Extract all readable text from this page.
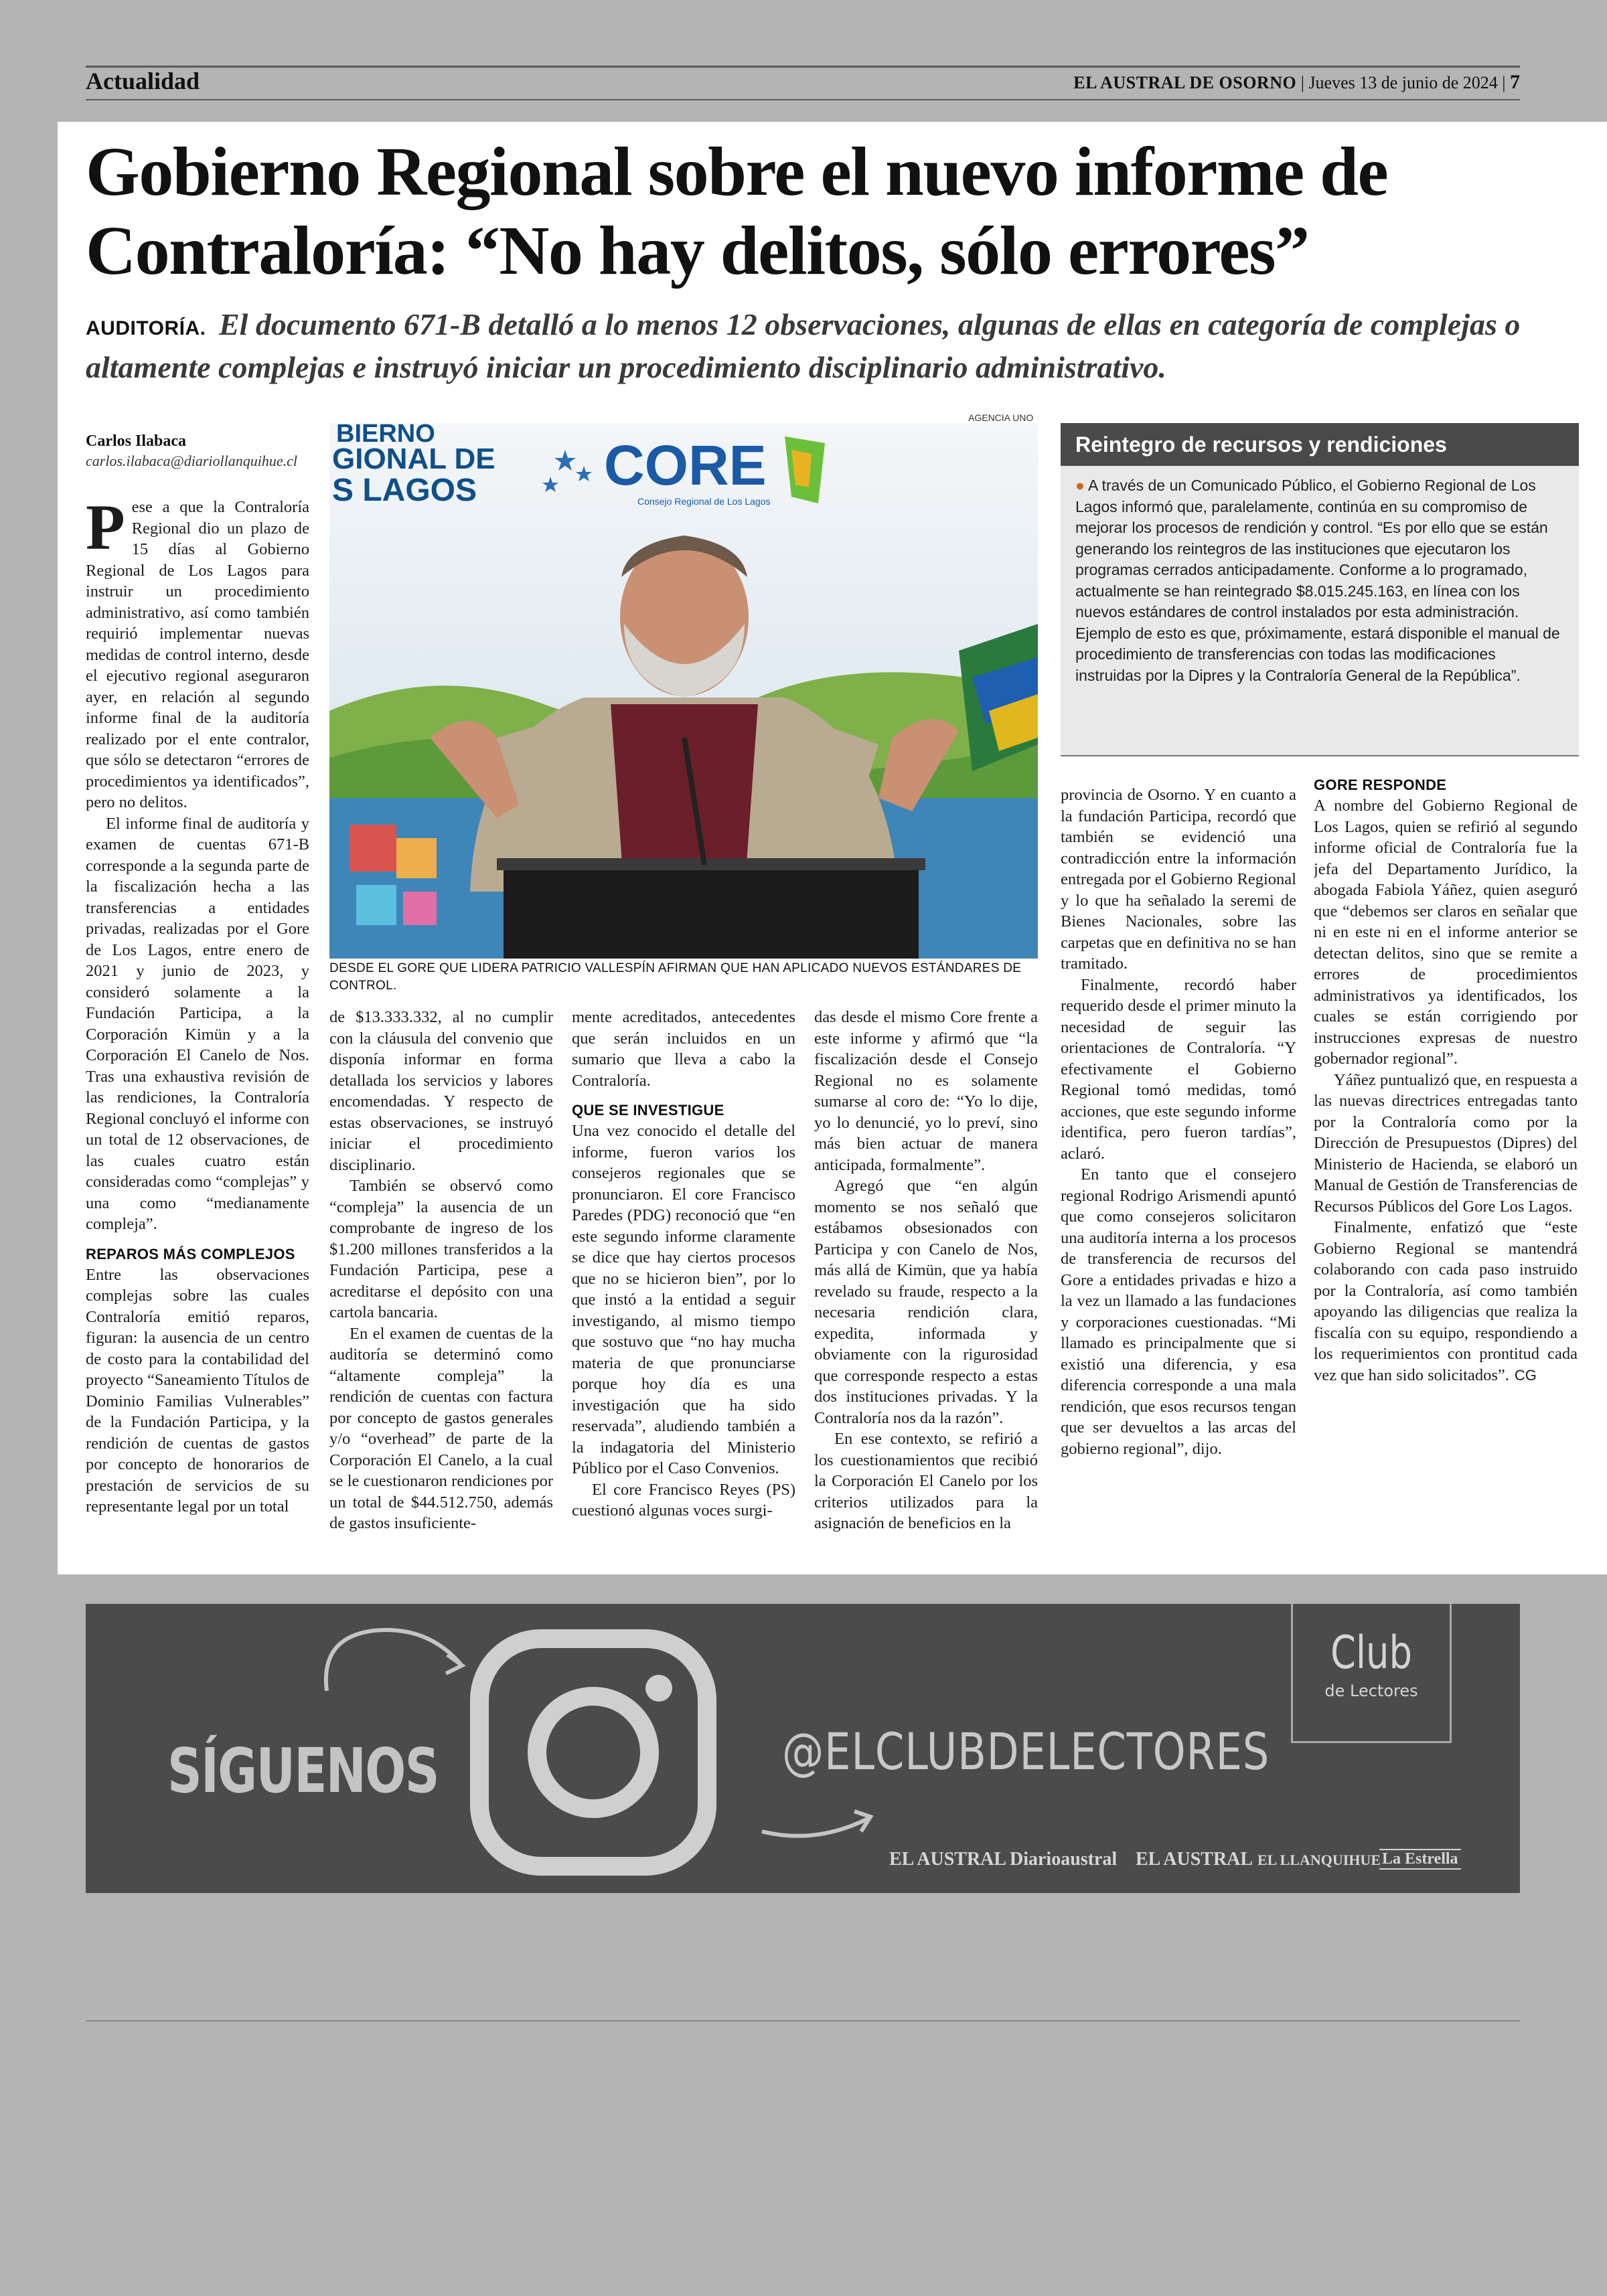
Actualidad	EL AUSTRAL DE OSORNO | Jueves 13 de junio de 2024 | 7
Gobierno Regional sobre el nuevo informe de Contraloría: “No hay delitos, sólo errores”
AUDITORÍA. El documento 671-B detalló a lo menos 12 observaciones, algunas de ellas en categoría de complejas o altamente complejas e instruyó iniciar un procedimiento disciplinario administrativo.
Carlos Ilabaca
carlos.ilabaca@diariollanquihue.cl

Pese a que la Contraloría Regional dio un plazo de 15 días al Gobierno Regional de Los Lagos para instruir un procedimiento administrativo, así como también requirió implementar nuevas medidas de control interno, desde el ejecutivo regional aseguraron ayer, en relación al segundo informe final de la auditoría realizado por el ente contralor, que sólo se detectaron “errores de procedimientos ya identificados”, pero no delitos.

El informe final de auditoría y examen de cuentas 671-B corresponde a la segunda parte de la fiscalización hecha a las transferencias a entidades privadas, realizadas por el Gore de Los Lagos, entre enero de 2021 y junio de 2023, y consideró solamente a la Fundación Participa, a la Corporación Kimün y a la Corporación El Canelo de Nos. Tras una exhaustiva revisión de las rendiciones, la Contraloría Regional concluyó el informe con un total de 12 observaciones, de las cuales cuatro están consideradas como “complejas” y una como “medianamente compleja”.

REPAROS MÁS COMPLEJOS

Entre las observaciones complejas sobre las cuales Contraloría emitió reparos, figuran: la ausencia de un centro de costo para la contabilidad del proyecto “Saneamiento Títulos de Dominio Familias Vulnerables” de la Fundación Participa, y la rendición de cuentas de gastos por concepto de honorarios de prestación de servicios de su representante legal por un total

AGENCIA UNO
BIERNO
GIONAL DE
S LAGOS CORE
Consejo Regional de Los Lagos
DESDE EL GORE QUE LIDERA PATRICIO VALLESPÍN AFIRMAN QUE HAN APLICADO NUEVOS ESTÁNDARES DE CONTROL.
Reintegro de recursos y rendiciones
● A través de un Comunicado Público, el Gobierno Regional de Los Lagos informó que, paralelamente, continúa en su compromiso de mejorar los procesos de rendición y control. “Es por ello que se están generando los reintegros de las instituciones que ejecutaron los programas cerrados anticipadamente. Conforme a lo programado, actualmente se han reintegrado $8.015.245.163, en línea con los nuevos estándares de control instalados por esta administración. Ejemplo de esto es que, próximamente, estará disponible el manual de procedimiento de transferencias con todas las modificaciones instruidas por la Dipres y la Contraloría General de la República”.

de $13.333.332, al no cumplir con la cláusula del convenio que disponía informar en forma detallada los servicios y labores encomendadas. Y respecto de estas observaciones, se instruyó iniciar el procedimiento disciplinario.

También se observó como “compleja” la ausencia de un comprobante de ingreso de los $1.200 millones transferidos a la Fundación Participa, pese a acreditarse el depósito con una cartola bancaria.

En el examen de cuentas de la auditoría se determinó como “altamente compleja” la rendición de cuentas con factura por concepto de gastos generales y/o “overhead” de parte de la Corporación El Canelo, a la cual se le cuestionaron rendiciones por un total de $44.512.750, además de gastos insuficiente-

mente acreditados, antecedentes que serán incluidos en un sumario que lleva a cabo la Contraloría.

QUE SE INVESTIGUE

Una vez conocido el detalle del informe, fueron varios los consejeros regionales que se pronunciaron. El core Francisco Paredes (PDG) reconoció que “en este segundo informe claramente se dice que hay ciertos procesos que no se hicieron bien”, por lo que instó a la entidad a seguir investigando, al mismo tiempo que sostuvo que “no hay mucha materia de que pronunciarse porque hoy día es una investigación que ha sido reservada”, aludiendo también a la indagatoria del Ministerio Público por el Caso Convenios.

El core Francisco Reyes (PS) cuestionó algunas voces surgi-

das desde el mismo Core frente a este informe y afirmó que “la fiscalización desde el Consejo Regional no es solamente sumarse al coro de: “Yo lo dije, yo lo denuncié, yo lo preví, sino más bien actuar de manera anticipada, formalmente”.

Agregó que “en algún momento se nos señaló que estábamos obsesionados con Participa y con Canelo de Nos, más allá de Kimün, que ya había revelado su fraude, respecto a la necesaria rendición clara, expedita, informada y obviamente con la rigurosidad que corresponde respecto a estas dos instituciones privadas. Y la Contraloría nos da la razón”.

En ese contexto, se refirió a los cuestionamientos que recibió la Corporación El Canelo por los criterios utilizados para la asignación de beneficios en la

provincia de Osorno. Y en cuanto a la fundación Participa, recordó que también se evidenció una contradicción entre la información entregada por el Gobierno Regional y lo que ha señalado la seremi de Bienes Nacionales, sobre las carpetas que en definitiva no se han tramitado.

Finalmente, recordó haber requerido desde el primer minuto la necesidad de seguir las orientaciones de Contraloría. “Y efectivamente el Gobierno Regional tomó medidas, tomó acciones, que este segundo informe identifica, pero fueron tardías”, aclaró.

En tanto que el consejero regional Rodrigo Arismendi apuntó que como consejeros solicitaron una auditoría interna a los procesos de transferencia de recursos del Gore a entidades privadas e hizo a la vez un llamado a las fundaciones y corporaciones cuestionadas. “Mi llamado es principalmente que si existió una diferencia, y esa diferencia corresponde a una mala rendición, que esos recursos tengan que ser devueltos a las arcas del gobierno regional”, dijo.

GORE RESPONDE

A nombre del Gobierno Regional de Los Lagos, quien se refirió al segundo informe oficial de Contraloría fue la jefa del Departamento Jurídico, la abogada Fabiola Yáñez, quien aseguró que “debemos ser claros en señalar que ni en este ni en el informe anterior se detectan delitos, sino que se remite a errores de procedimientos administrativos ya identificados, los cuales se están corrigiendo por instrucciones expresas de nuestro gobernador regional”.

Yáñez puntualizó que, en respuesta a las nuevas directrices entregadas tanto por la Contraloría como por la Dirección de Presupuestos (Dipres) del Ministerio de Hacienda, se elaboró un Manual de Gestión de Transferencias de Recursos Públicos del Gore Los Lagos.

Finalmente, enfatizó que “este Gobierno Regional se mantendrá colaborando con cada paso instruido por la Contraloría, así como también apoyando las diligencias que realiza la fiscalía con su equipo, respondiendo a los requerimientos con prontitud cada vez que han sido solicitados”. CG

SÍGUENOS	@ELCLUBDELECTORES
Club
de Lectores
EL AUSTRAL Diarioaustral EL AUSTRAL EL LLANQUIHUE La Estrella
